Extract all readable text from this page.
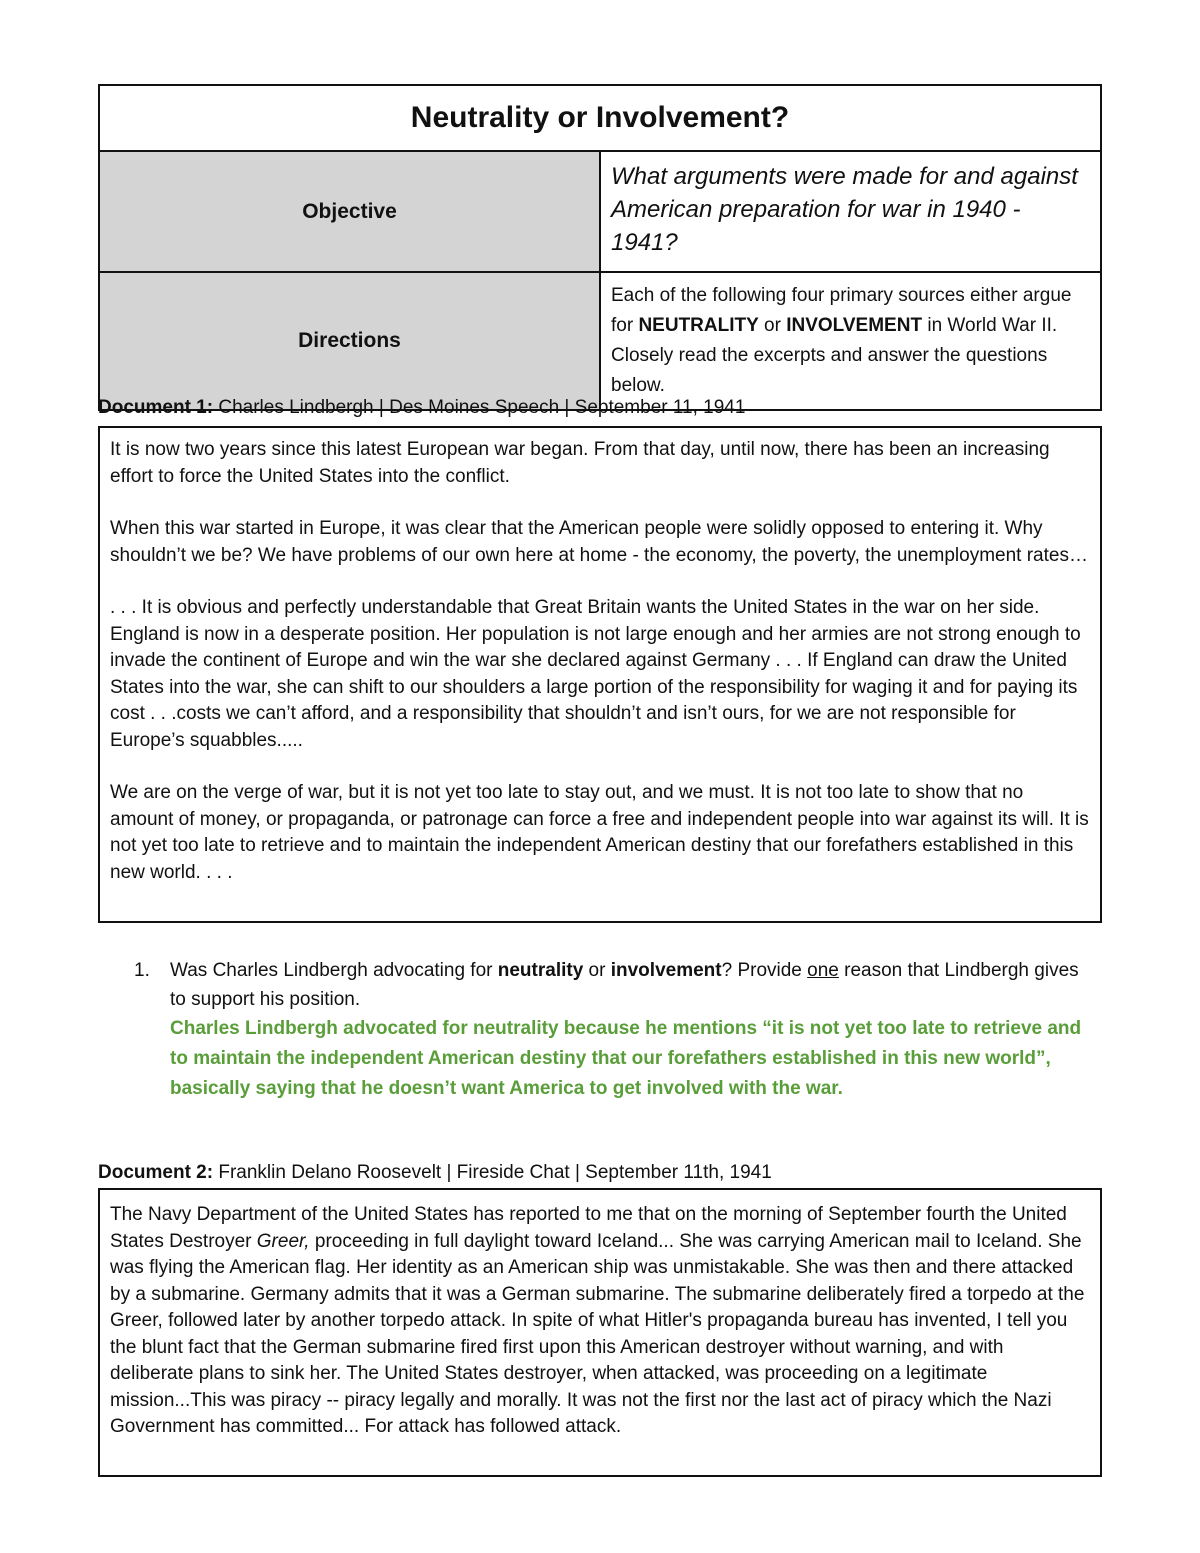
Neutrality or Involvement?	
Objective	What arguments were made for and against American preparation for war in 1940 - 1941?
Directions	Each of the following four primary sources either argue for NEUTRALITY or INVOLVEMENT in World War II. Closely read the excerpts and answer the questions below.

Document 1: Charles Lindbergh | Des Moines Speech | September 11, 1941

It is now two years since this latest European war began. From that day, until now, there has been an increasing effort to force the United States into the conflict.

When this war started in Europe, it was clear that the American people were solidly opposed to entering it. Why shouldn’t we be? We have problems of our own here at home - the economy, the poverty, the unemployment rates…

. . . It is obvious and perfectly understandable that Great Britain wants the United States in the war on her side. England is now in a desperate position. Her population is not large enough and her armies are not strong enough to invade the continent of Europe and win the war she declared against Germany . . . If England can draw the United States into the war, she can shift to our shoulders a large portion of the responsibility for waging it and for paying its cost . . .costs we can’t afford, and a responsibility that shouldn’t and isn’t ours, for we are not responsible for Europe’s squabbles.....

We are on the verge of war, but it is not yet too late to stay out, and we must. It is not too late to show that no amount of money, or propaganda, or patronage can force a free and independent people into war against its will. It is not yet too late to retrieve and to maintain the independent American destiny that our forefathers established in this new world. . . .

1. Was Charles Lindbergh advocating for neutrality or involvement? Provide one reason that Lindbergh gives to support his position.
Charles Lindbergh advocated for neutrality because he mentions “it is not yet too late to retrieve and to maintain the independent American destiny that our forefathers established in this new world”, basically saying that he doesn’t want America to get involved with the war.

Document 2: Franklin Delano Roosevelt | Fireside Chat | September 11th, 1941

The Navy Department of the United States has reported to me that on the morning of September fourth the United States Destroyer Greer, proceeding in full daylight toward Iceland... She was carrying American mail to Iceland. She was flying the American flag. Her identity as an American ship was unmistakable. She was then and there attacked by a submarine. Germany admits that it was a German submarine. The submarine deliberately fired a torpedo at the Greer, followed later by another torpedo attack. In spite of what Hitler's propaganda bureau has invented, I tell you the blunt fact that the German submarine fired first upon this American destroyer without warning, and with deliberate plans to sink her. The United States destroyer, when attacked, was proceeding on a legitimate mission...This was piracy -- piracy legally and morally. It was not the first nor the last act of piracy which the Nazi Government has committed... For attack has followed attack.
